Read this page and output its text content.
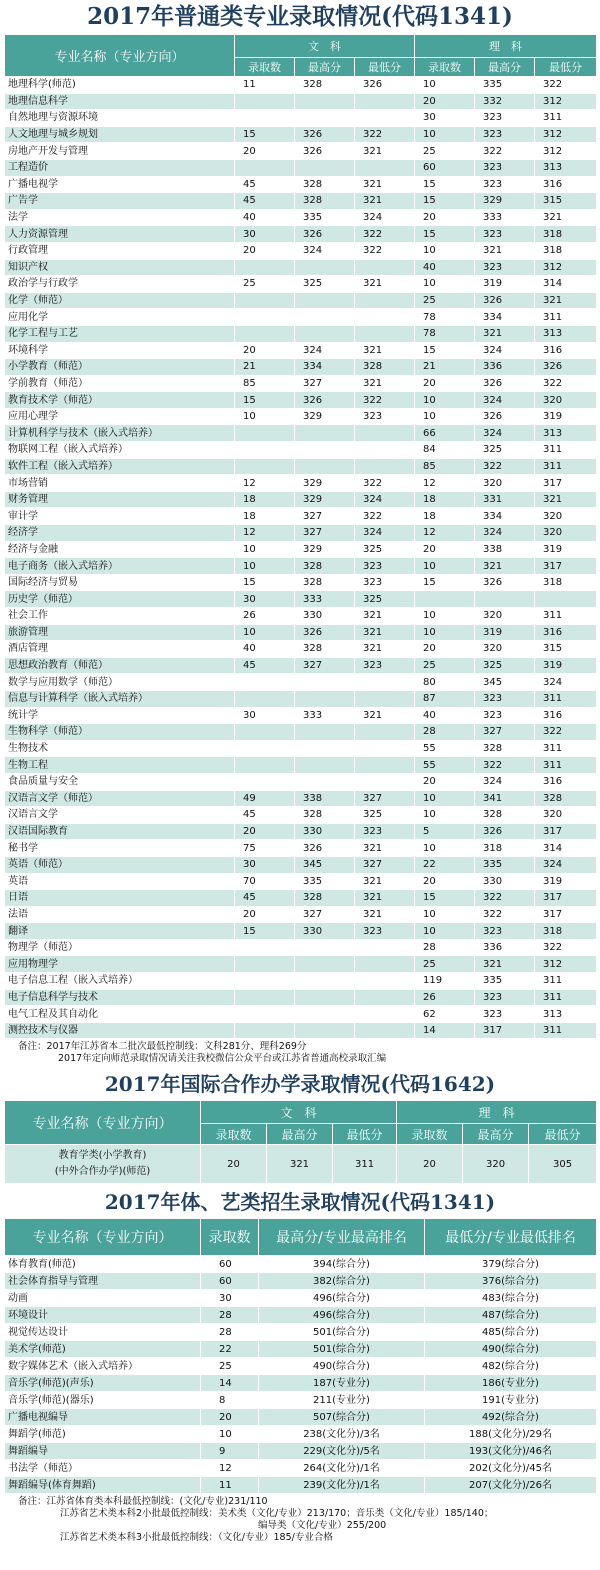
2017年普通类专业录取情况(代码1341)
专业名称（专业方向）	文　科			理　科		
	录取数	最高分	最低分	录取数	最高分	最低分
地理科学(师范)	11	328	326	10	335	322
地理信息科学				20	332	312
自然地理与资源环境				30	323	311
人文地理与城乡规划	15	326	322	10	323	312
房地产开发与管理	20	326	321	25	322	312
工程造价				60	323	313
广播电视学	45	328	321	15	323	316
广告学	45	328	321	15	329	315
法学	40	335	324	20	333	321
人力资源管理	30	326	322	15	323	318
行政管理	20	324	322	10	321	318
知识产权				40	323	312
政治学与行政学	25	325	321	10	319	314
化学（师范）				25	326	321
应用化学				78	334	311
化学工程与工艺				78	321	313
环境科学	20	324	321	15	324	316
小学教育（师范）	21	334	328	21	336	326
学前教育（师范）	85	327	321	20	326	322
教育技术学（师范）	15	326	322	10	324	320
应用心理学	10	329	323	10	326	319
计算机科学与技术（嵌入式培养）				66	324	313
物联网工程（嵌入式培养）				84	325	311
软件工程（嵌入式培养）				85	322	311
市场营销	12	329	322	12	320	317
财务管理	18	329	324	18	331	321
审计学	18	327	322	18	334	320
经济学	12	327	324	12	324	320
经济与金融	10	329	325	20	338	319
电子商务（嵌入式培养）	10	328	323	10	321	317
国际经济与贸易	15	328	323	15	326	318
历史学（师范）	30	333	325			
社会工作	26	330	321	10	320	311
旅游管理	10	326	321	10	319	316
酒店管理	40	328	321	20	320	315
思想政治教育（师范）	45	327	323	25	325	319
数学与应用数学（师范）				80	345	324
信息与计算科学（嵌入式培养）				87	323	311
统计学	30	333	321	40	323	316
生物科学（师范）				28	327	322
生物技术				55	328	311
生物工程				55	322	311
食品质量与安全				20	324	316
汉语言文学（师范）	49	338	327	10	341	328
汉语言文学	45	328	325	10	328	320
汉语国际教育	20	330	323	5	326	317
秘书学	75	326	321	10	318	314
英语（师范）	30	345	327	22	335	324
英语	70	335	321	20	330	319
日语	45	328	321	15	322	317
法语	20	327	321	10	322	317
翻译	15	330	323	10	323	318
物理学（师范）				28	336	322
应用物理学				25	321	312
电子信息工程（嵌入式培养）				119	335	311
电子信息科学与技术				26	323	311
电气工程及其自动化				62	323	313
测控技术与仪器				14	317	311
备注：2017年江苏省本二批次最低控制线：文科281分、理科269分
2017年定向师范录取情况请关注我校微信公众平台或江苏省普通高校录取汇编
2017年国际合作办学录取情况(代码1642)
专业名称（专业方向）	文　科			理　科		
	录取数	最高分	最低分	录取数	最高分	最低分

教育学类(小学教育)
(中外合作办学)(师范)	20	321	311	20	320	305
2017年体、艺类招生录取情况(代码1341)
专业名称（专业方向）	录取数	最高分/专业最高排名	最低分/专业最低排名
体育教育(师范)	60	394(综合分)	379(综合分)
社会体育指导与管理	60	382(综合分)	376(综合分)
动画	30	496(综合分)	483(综合分)
环境设计	28	496(综合分)	487(综合分)
视觉传达设计	28	501(综合分)	485(综合分)
美术学(师范)	22	501(综合分)	490(综合分)
数字媒体艺术（嵌入式培养）	25	490(综合分)	482(综合分)
音乐学(师范)(声乐)	14	187(专业分)	186(专业分)
音乐学(师范)(器乐)	8	211(专业分)	191(专业分)
广播电视编导	20	507(综合分)	492(综合分)
舞蹈学(师范)	10	238(文化分)/3名	188(文化分)/29名
舞蹈编导	9	229(文化分)/5名	193(文化分)/46名
书法学（师范）	12	264(文化分)/1名	202(文化分)/45名
舞蹈编导(体育舞蹈)	11	239(文化分)/1名	207(文化分)/26名
备注：江苏省体育类本科最低控制线：(文化/专业)231/110
江苏省艺术类本科2小批最低控制线：美术类（文化/专业）213/170；音乐类（文化/专业）185/140；
编导类（文化/专业）255/200
江苏省艺术类本科3小批最低控制线：（文化/专业）185/专业合格
